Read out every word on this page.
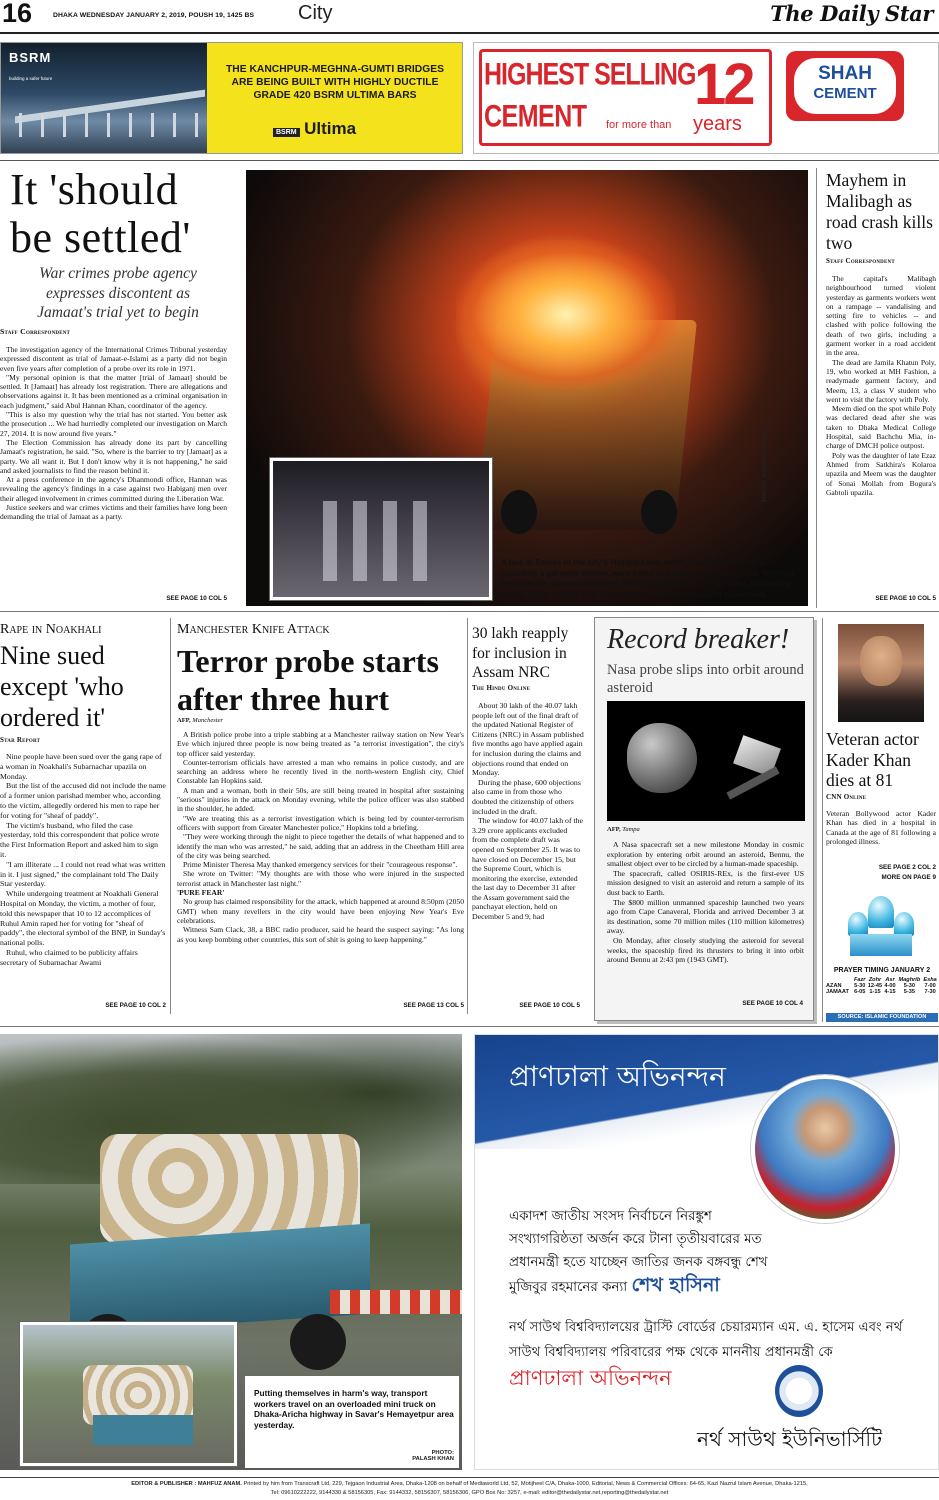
16	DHAKA WEDNESDAY JANUARY 2, 2019, POUSH 19, 1425 BS City	The Daily Star
BSRM
building a safer future
THE KANCHPUR-MEGHNA-GUMTI BRIDGES ARE BEING BUILT WITH HIGHLY DUCTILE GRADE 420 BSRM ULTIMA BARS
BSRM Ultima
HIGHEST SELLING
CEMENT for more than
12
years
SHAH
CEMENT
It 'should be settled'
War crimes probe agency expresses discontent as Jamaat's trial yet to begin
Staff Correspondent

The investigation agency of the International Crimes Tribunal yesterday expressed discontent as trial of Jamaat-e-Islami as a party did not begin even five years after completion of a probe over its role in 1971.

"My personal opinion is that the matter [trial of Jamaat] should be settled. It [Jamaat] has already lost registration. There are allegations and observations against it. It has been mentioned as a criminal organisation in each judgment," said Abul Hannan Khan, coordinator of the agency.

"This is also my question why the trial has not started. You better ask the prosecution ... We had hurriedly completed our investigation on March 27, 2014. It is now around five years."

The Election Commission has already done its part by cancelling Jamaat's registration, he said. "So, where is the barrier to try [Jamaat] as a party. We all want it. But I don't know why it is not happening," he said and asked journalists to find the reason behind it.

At a press conference in the agency's Dhanmondi office, Hannan was revealing the agency's findings in a case against two Habiganj men over their alleged involvement in crimes committed during the Liberation War.

Justice seekers and war crimes victims and their families have long been demanding the trial of Jamaat as a party.

SEE PAGE 10 COL 5
PHOTO: AMRAN HOSSAIN
A bus in flames in the city's Hazipara last night, hours after two girls, including a garment worker, were killed in a road crash in the area. Workers from nearby garment factories vandalised vehicles on the road, disrupting traffic. Inset, people walk on a street as there is no traffic movement.
Mayhem in Malibagh as road crash kills two
Staff Correspondent

The capital's Malibagh neighbourhood turned violent yesterday as garments workers went on a rampage -- vandalising and setting fire to vehicles -- and clashed with police following the death of two girls, including a garment worker in a road accident in the area.

The dead are Jamila Khatun Poly, 19, who worked at MH Fashion, a readymade garment factory, and Meem, 13, a class V student who went to visit the factory with Poly.

Meem died on the spot while Poly was declared dead after she was taken to Dhaka Medical College Hospital, said Bachchu Mia, in-charge of DMCH police outpost.

Poly was the daughter of late Ezaz Ahmed from Satkhira's Kolaroa upazila and Meem was the daughter of Sonai Mollah from Bogura's Gabtoli upazila.

SEE PAGE 10 COL 5
Rape in Noakhali
Nine sued except 'who ordered it'
Star Report

Nine people have been sued over the gang rape of a woman in Noakhali's Subarnachar upazila on Monday.

But the list of the accused did not include the name of a former union parishad member who, according to the victim, allegedly ordered his men to rape her for voting for "sheaf of paddy".

The victim's husband, who filed the case yesterday, told this correspondent that police wrote the First Information Report and asked him to sign it.

"I am illiterate ... I could not read what was written in it. I just signed," the complainant told The Daily Star yesterday.

While undergoing treatment at Noakhali General Hospital on Monday, the victim, a mother of four, told this newspaper that 10 to 12 accomplices of Ruhul Amin raped her for voting for "sheaf of paddy", the electoral symbol of the BNP, in Sunday's national polls.

Ruhul, who claimed to be publicity affairs secretary of Subarnachar Awami

SEE PAGE 10 COL 2
Manchester Knife Attack
Terror probe starts after three hurt
AFP, Manchester

A British police probe into a triple stabbing at a Manchester railway station on New Year's Eve which injured three people is now being treated as "a terrorist investigation", the city's top officer said yesterday.

Counter-terrorism officials have arrested a man who remains in police custody, and are searching an address where he recently lived in the north-western English city, Chief Constable Ian Hopkins said.

A man and a woman, both in their 50s, are still being treated in hospital after sustaining "serious" injuries in the attack on Monday evening, while the police officer was also stabbed in the shoulder, he added.

"We are treating this as a terrorist investigation which is being led by counter-terrorism officers with support from Greater Manchester police," Hopkins told a briefing.

"They were working through the night to piece together the details of what happened and to identify the man who was arrested," he said, adding that an address in the Cheetham Hill area of the city was being searched.

Prime Minister Theresa May thanked emergency services for their "courageous response".

She wrote on Twitter: "My thoughts are with those who were injured in the suspected terrorist attack in Manchester last night."

'PURE FEAR'

No group has claimed responsibility for the attack, which happened at around 8:50pm (2050 GMT) when many revellers in the city would have been enjoying New Year's Eve celebrations.

Witness Sam Clack, 38, a BBC radio producer, said he heard the suspect saying: "As long as you keep bombing other countries, this sort of shit is going to keep happening."

SEE PAGE 13 COL 5
30 lakh reapply for inclusion in Assam NRC
The Hindu Online

About 30 lakh of the 40.07 lakh people left out of the final draft of the updated National Register of Citizens (NRC) in Assam published five months ago have applied again for inclusion during the claims and objections round that ended on Monday.

During the phase, 600 objections also came in from those who doubted the citizenship of others included in the draft.

The window for 40.07 lakh of the 3.29 crore applicants excluded from the complete draft was opened on September 25. It was to have closed on December 15, but the Supreme Court, which is monitoring the exercise, extended the last day to December 31 after the Assam government said the panchayat election, held on December 5 and 9, had

SEE PAGE 10 COL 5
Record breaker!
Nasa probe slips into orbit around asteroid
AFP, Tampa

A Nasa spacecraft set a new milestone Monday in cosmic exploration by entering orbit around an asteroid, Bennu, the smallest object ever to be circled by a human-made spaceship.

The spacecraft, called OSIRIS-REx, is the first-ever US mission designed to visit an asteroid and return a sample of its dust back to Earth.

The $800 million unmanned spaceship launched two years ago from Cape Canaveral, Florida and arrived December 3 at its destination, some 70 million miles (110 million kilometres) away.

On Monday, after closely studying the asteroid for several weeks, the spaceship fired its thrusters to bring it into orbit around Bennu at 2:43 pm (1943 GMT).

SEE PAGE 10 COL 4
Veteran actor Kader Khan dies at 81
CNN Online
Veteran Bollywood actor Kader Khan has died in a hospital in Canada at the age of 81 following a prolonged illness.
SEE PAGE 2 COL 2
MORE ON PAGE 9
PRAYER TIMING JANUARY 2
	Fazr	Zohr	Asr	Maghrib	Esha
AZAN	5-30	12-45	4-00	5-30	7-00
JAMAAT	6-05	1-15	4-15	5-35	7-30
SOURCE: ISLAMIC FOUNDATION
Putting themselves in harm's way, transport workers travel on an overloaded mini truck on Dhaka-Aricha highway in Savar's Hemayetpur area yesterday.
PHOTO:
PALASH KHAN
প্রাণঢালা অভিনন্দন
একাদশ জাতীয় সংসদ নির্বাচনে নিরঙ্কুশ সংখ্যাগরিষ্ঠতা অর্জন করে টানা তৃতীয়বারের মত প্রধানমন্ত্রী হতে যাচ্ছেন জাতির জনক বঙ্গবন্ধু শেখ মুজিবুর রহমানের কন্যা শেখ হাসিনা
নর্থ সাউথ বিশ্ববিদ্যালয়ের ট্রাস্টি বোর্ডের চেয়ারম্যান এম. এ. হাসেম এবং নর্থ সাউথ বিশ্ববিদ্যালয় পরিবারের পক্ষ থেকে মাননীয় প্রধানমন্ত্রী কে
প্রাণঢালা অভিনন্দন
নর্থ সাউথ ইউনিভার্সিটি
EDITOR & PUBLISHER : MAHFUZ ANAM. Printed by him from Transcraft Ltd, 229, Tejgaon Industrial Area, Dhaka-1208 on behalf of Mediaworld Ltd, 52, Motijheel C/A, Dhaka-1000. Editorial, News & Commercial Offices: 64-65, Kazi Nazrul Islam Avenue, Dhaka-1215,
Tel: 09610222222, 9144330 & 58156305, Fax: 9144332, 58156307, 58156306, GPO Box No: 3257, e-mail: editor@thedailystar.net,reporting@thedailystar.net
